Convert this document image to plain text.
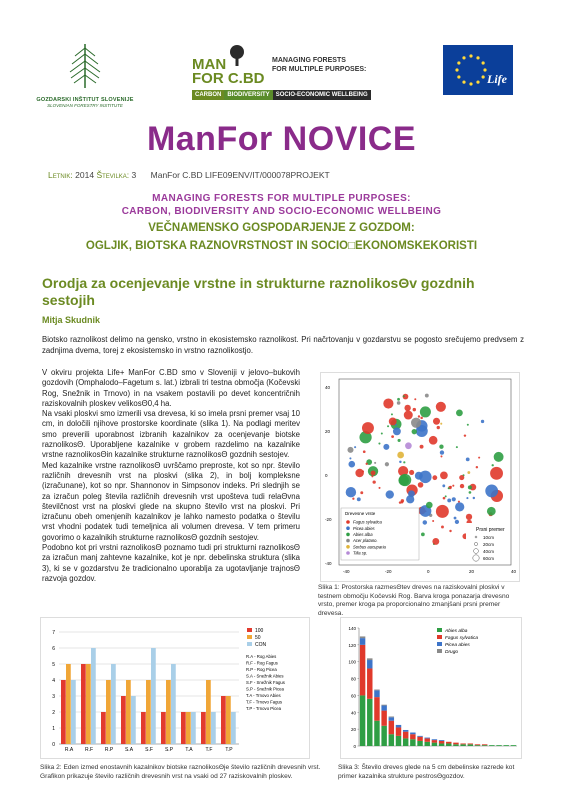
GOZDARSKI INŠTITUT SLOVENIJE
SLOVENIAN FORESTRY INSTITUTE
MAN
FOR C.BD
MANAGING FORESTS
FOR MULTIPLE PURPOSES:
CARBON	BIODIVERSITY	SOCIO-ECONOMIC WELLBEING
Life
ManFor NOVICE
Letnik: 2014 Številka: 3 ManFor C.BD LIFE09ENV/IT/000078PROJEKT
MANAGING FORESTS FOR MULTIPLE PURPOSES:
CARBON, BIODIVERSITY AND SOCIO-ECONOMIC WELLBEING
VEČNAMENSKO GOSPODARJENJE Z GOZDOM:
OGLJIK, BIOTSKA RAZNOVRSTNOST IN SOCIO□EKONOMSKEKORISTI
Orodja za ocenjevanje vrstne in strukturne raznolikosΘv gozdnih sestojih
Mitja Skudnik

Biotsko raznolikost delimo na gensko, vrstno in ekosistemsko raznolikost. Pri načrtovanju v gozdarstvu se pogosto srečujemo predvsem z zadnjima dvema, torej z ekosistemsko in vrstno raznolikostjo.

V okviru projekta Life+ ManFor C.BD smo v Sloveniji v jelovo–bukovih gozdovih (Omphalodo–Fagetum s. lat.) izbrali tri testna območja (Kočevski Rog, Snežnik in Trnovo) in na vsakem postavili po devet koncentričnih raziskovalnih ploskev velikosΘ0,4 ha.

Na vsaki ploskvi smo izmerili vsa drevesa, ki so imela prsni premer vsaj 10 cm, in določili njihove prostorske koordinate (slika 1). Na podlagi meritev smo preverili uporabnost izbranih kazalnikov za ocenjevanje biotske raznolikosΘ. Uporabljene kazalnike v grobem razdelimo na kazalnike vrstne raznolikosΘin kazalnike strukturne raznolikosΘ gozdnih sestojev.

Med kazalnike vrstne raznolikosΘ uvrščamo preproste, kot so npr. število različnih drevesnih vrst na ploskvi (slika 2), in bolj kompleksne (izračunane), kot so npr. Shannonov in Simpsonov indeks. Pri slednjih se za izračun poleg števila različnih drevesnih vrst upošteva tudi relaΘvna številčnost vrst na ploskvi glede na skupno število vrst na ploskvi. Pri izračunu obeh omenjenih kazalnikov je lahko namesto podatka o številu vrst vhodni podatek tudi temeljnica ali volumen drevesa. V tem primeru govorimo o kazalnikih strukturne raznolikosΘ gozdnih sestojev.

Podobno kot pri vrstni raznolikosΘ poznamo tudi pri strukturni raznolikosΘ za izračun manj zahtevne kazalnike, kot je npr. debelinska struktura (slika 3), ki se v gozdarstvu že tradicionalno uporablja za ugotavljanje trajnosΘ razvoja gozdov.

-40	-20	0	20	40
40
20
0
-20
-40
Drevesne vrste
Fagus sylvatica
Picea abies
Abies alba
Acer platano.
Sorbus aucuparia
Tilia sp.
Prsni premer
10cm
20cm
40cm
60cm
Slika 1: Prostorska razmesΘtev dreves na raziskovalni ploskvi v testnem območju Kočevski Rog. Barva kroga ponazarja drevesno vrsto, premer kroga pa proporcionalno zmanjšani prsni premer drevesa.
0
1
2
3
4
5
6
7
R.A R.F R.P S.A S.F S.P T.A	T.F	T.P
100
50
CON
R.A - Rog Abies
R.F - Rog Fagus
R.P - Rog Picea
S.A - Snežnik Abies
S.F - Snežnik Fagus
S.P - Snežnik Picea
T.A - Trnovo Abies
T.F - Trnovo Fagus
T.P - Trnovo Picea
Slika 2: Eden izmed enostavnih kazalnikov biotske raznolikosΘje število različnih drevesnih vrst. Grafikon prikazuje število različnih drevesnih vrst na vsaki od 27 raziskovalnih ploskev.
0
20
40
60
80
100
120
140
Abies alba
Fagus sylvatica
Picea abies
Drugo
Slika 3: Število dreves glede na 5 cm debelinske razrede kot primer kazalnika strukture pestrosΘgozdov.
